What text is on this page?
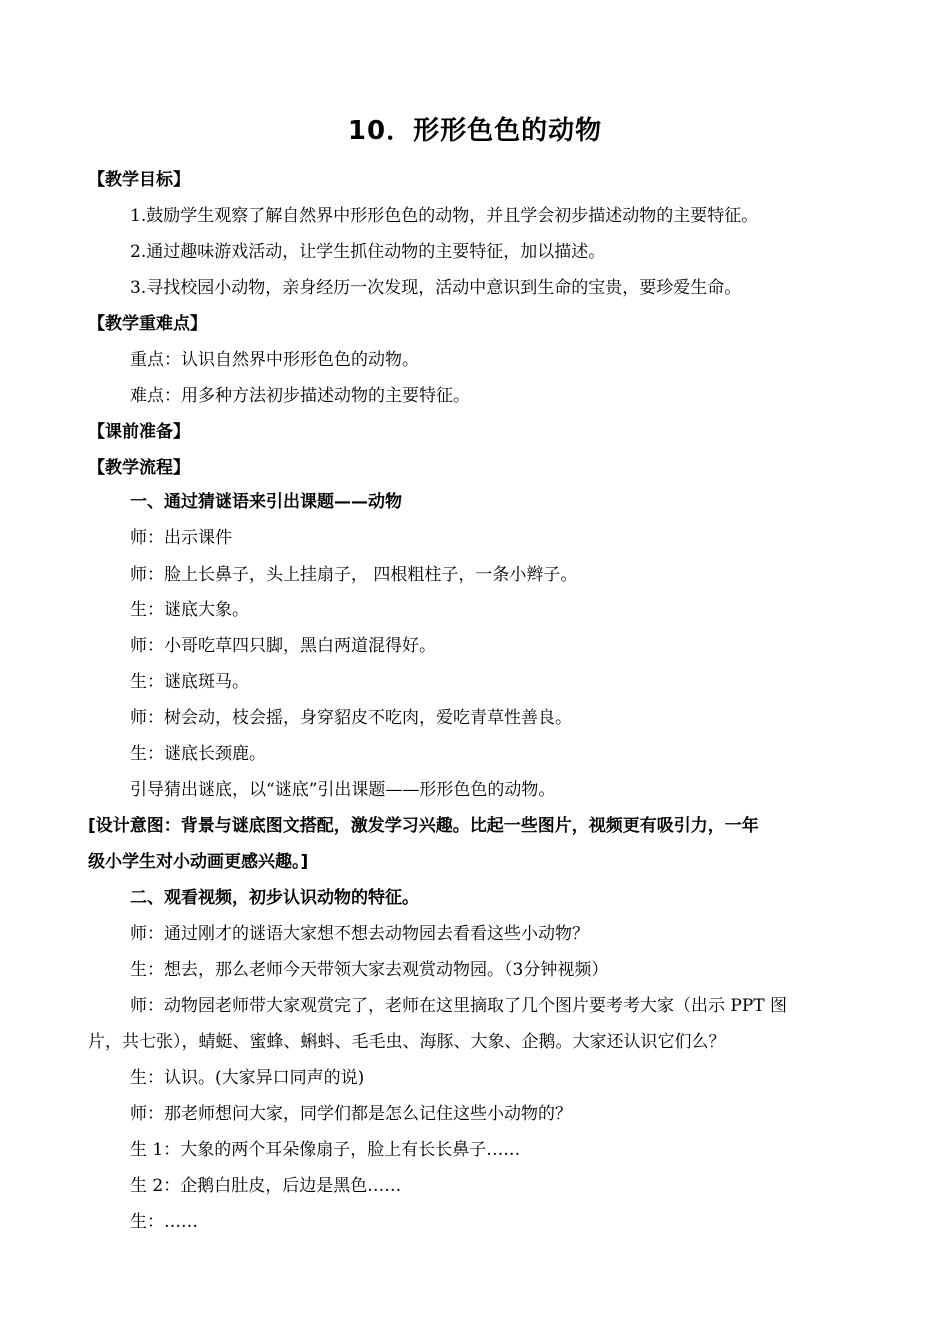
10．形形色色的动物
【教学目标】
1.鼓励学生观察了解自然界中形形色色的动物，并且学会初步描述动物的主要特征。
2.通过趣味游戏活动，让学生抓住动物的主要特征，加以描述。
3.寻找校园小动物，亲身经历一次发现，活动中意识到生命的宝贵，要珍爱生命。
【教学重难点】
重点：认识自然界中形形色色的动物。
难点：用多种方法初步描述动物的主要特征。
【课前准备】
【教学流程】
一、通过猜谜语来引出课题——动物
师：出示课件
师：脸上长鼻子，头上挂扇子， 四根粗柱子，一条小辫子。
生：谜底大象。
师：小哥吃草四只脚，黑白两道混得好。
生：谜底斑马。
师：树会动，枝会摇，身穿貂皮不吃肉，爱吃青草性善良。
生：谜底长颈鹿。
引导猜出谜底，以“谜底”引出课题——形形色色的动物。
[设计意图：背景与谜底图文搭配，激发学习兴趣。比起一些图片，视频更有吸引力，一年
级小学生对小动画更感兴趣。]
二、观看视频，初步认识动物的特征。
师：通过刚才的谜语大家想不想去动物园去看看这些小动物？
生：想去，那么老师今天带领大家去观赏动物园。（3分钟视频）
师：动物园老师带大家观赏完了，老师在这里摘取了几个图片要考考大家（出示 PPT 图
片，共七张），蜻蜓、蜜蜂、蝌蚪、毛毛虫、海豚、大象、企鹅。大家还认识它们么？
生：认识。(大家异口同声的说)
师：那老师想问大家，同学们都是怎么记住这些小动物的？
生 1：大象的两个耳朵像扇子，脸上有长长鼻子……
生 2：企鹅白肚皮，后边是黑色……
生：……
